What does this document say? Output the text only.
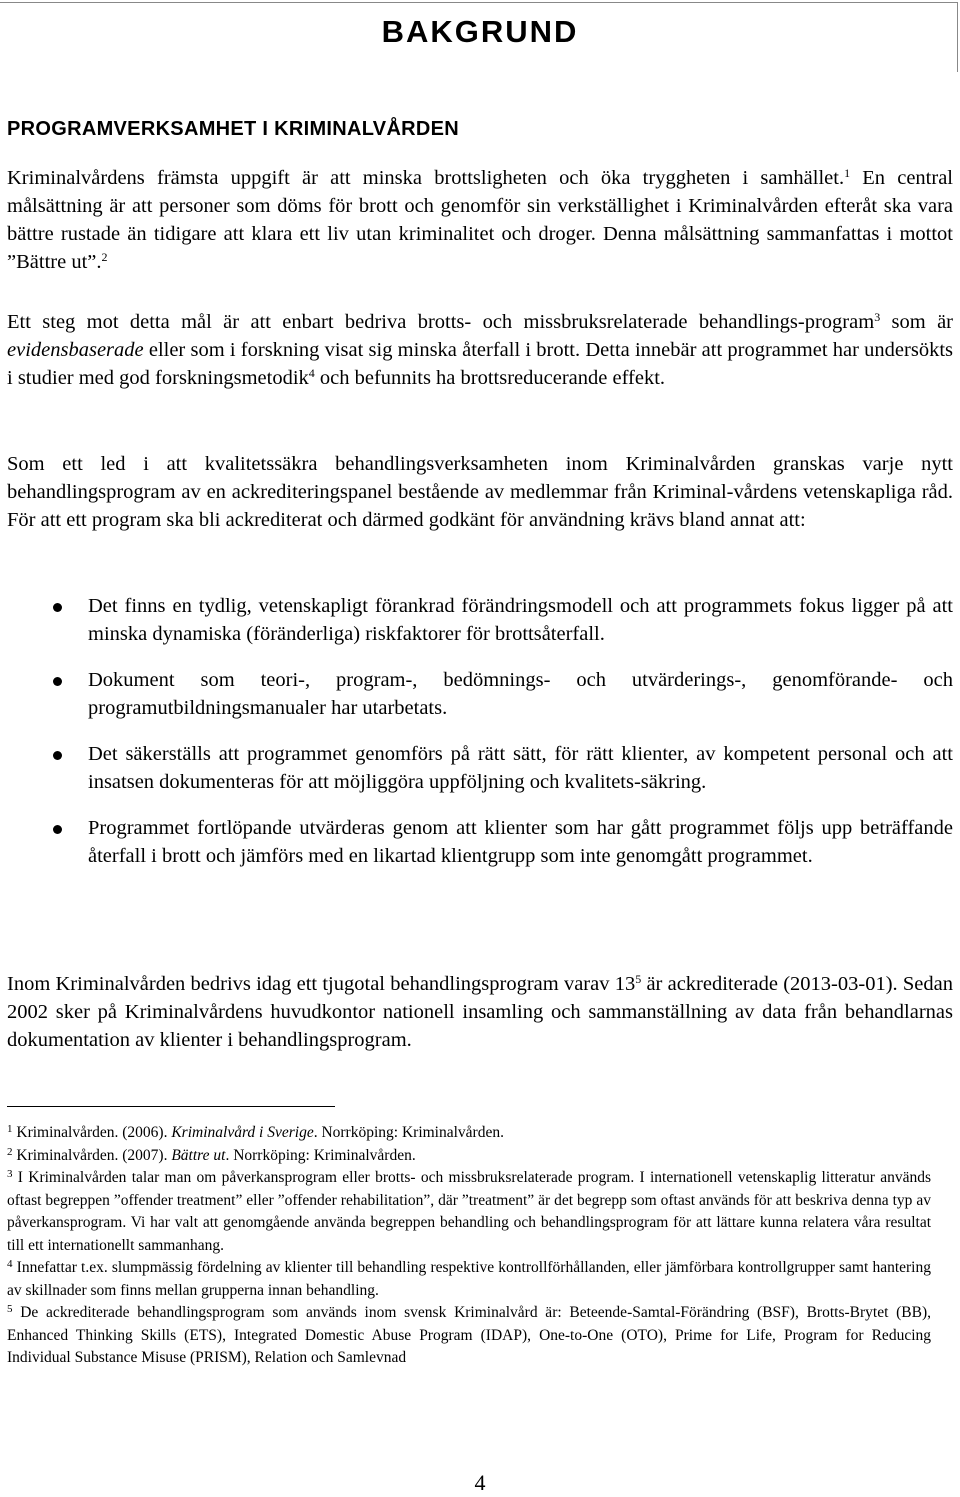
BAKGRUND
PROGRAMVERKSAMHET I KRIMINALVÅRDEN

Kriminalvårdens främsta uppgift är att minska brottsligheten och öka tryggheten i samhället.$^1$ En central målsättning är att personer som döms för brott och genomför sin verkställighet i Kriminalvården efteråt ska vara bättre rustade än tidigare att klara ett liv utan kriminalitet och droger. Denna målsättning sammanfattas i mottot ”Bättre ut”.$^2$

Ett steg mot detta mål är att enbart bedriva brotts- och missbruksrelaterade behandlings-program$^3$ som är evidensbaserade eller som i forskning visat sig minska återfall i brott. Detta innebär att programmet har undersökts i studier med god forskningsmetodik$^4$ och befunnits ha brottsreducerande effekt.

Som ett led i att kvalitetssäkra behandlingsverksamheten inom Kriminalvården granskas varje nytt behandlingsprogram av en ackrediteringspanel bestående av medlemmar från Kriminal-vårdens vetenskapliga råd. För att ett program ska bli ackrediterat och därmed godkänt för användning krävs bland annat att:

Det finns en tydlig, vetenskapligt förankrad förändringsmodell och att programmets fokus ligger på att minska dynamiska (föränderliga) riskfaktorer för brottsåterfall.
Dokument som teori-, program-, bedömnings- och utvärderings-, genomförande- och programutbildningsmanualer har utarbetats.
Det säkerställs att programmet genomförs på rätt sätt, för rätt klienter, av kompetent personal och att insatsen dokumenteras för att möjliggöra uppföljning och kvalitets-säkring.
Programmet fortlöpande utvärderas genom att klienter som har gått programmet följs upp beträffande återfall i brott och jämförs med en likartad klientgrupp som inte genomgått programmet.

Inom Kriminalvården bedrivs idag ett tjugotal behandlingsprogram varav $13^5$ är ackrediterade (2013-03-01). Sedan 2002 sker på Kriminalvårdens huvudkontor nationell insamling och sammanställning av data från behandlarnas dokumentation av klienter i behandlingsprogram.

$^1$ Kriminalvården. (2006). Kriminalvård i Sverige. Norrköping: Kriminalvården.

$^2$ Kriminalvården. (2007). Bättre ut. Norrköping: Kriminalvården.

$^3$ I Kriminalvården talar man om påverkansprogram eller brotts- och missbruksrelaterade program. I internationell vetenskaplig litteratur används oftast begreppen ”offender treatment” eller ”offender rehabilitation”, där ”treatment” är det begrepp som oftast används för att beskriva denna typ av påverkansprogram. Vi har valt att genomgående använda begreppen behandling och behandlingsprogram för att lättare kunna relatera våra resultat till ett internationellt sammanhang.

$^4$ Innefattar t.ex. slumpmässig fördelning av klienter till behandling respektive kontrollförhållanden, eller jämförbara kontrollgrupper samt hantering av skillnader som finns mellan grupperna innan behandling.

$^5$ De ackrediterade behandlingsprogram som används inom svensk Kriminalvård är: Beteende-Samtal-Förändring (BSF), Brotts-Brytet (BB), Enhanced Thinking Skills (ETS), Integrated Domestic Abuse Program (IDAP), One-to-One (OTO), Prime for Life, Program for Reducing Individual Substance Misuse (PRISM), Relation och Samlevnad

4
